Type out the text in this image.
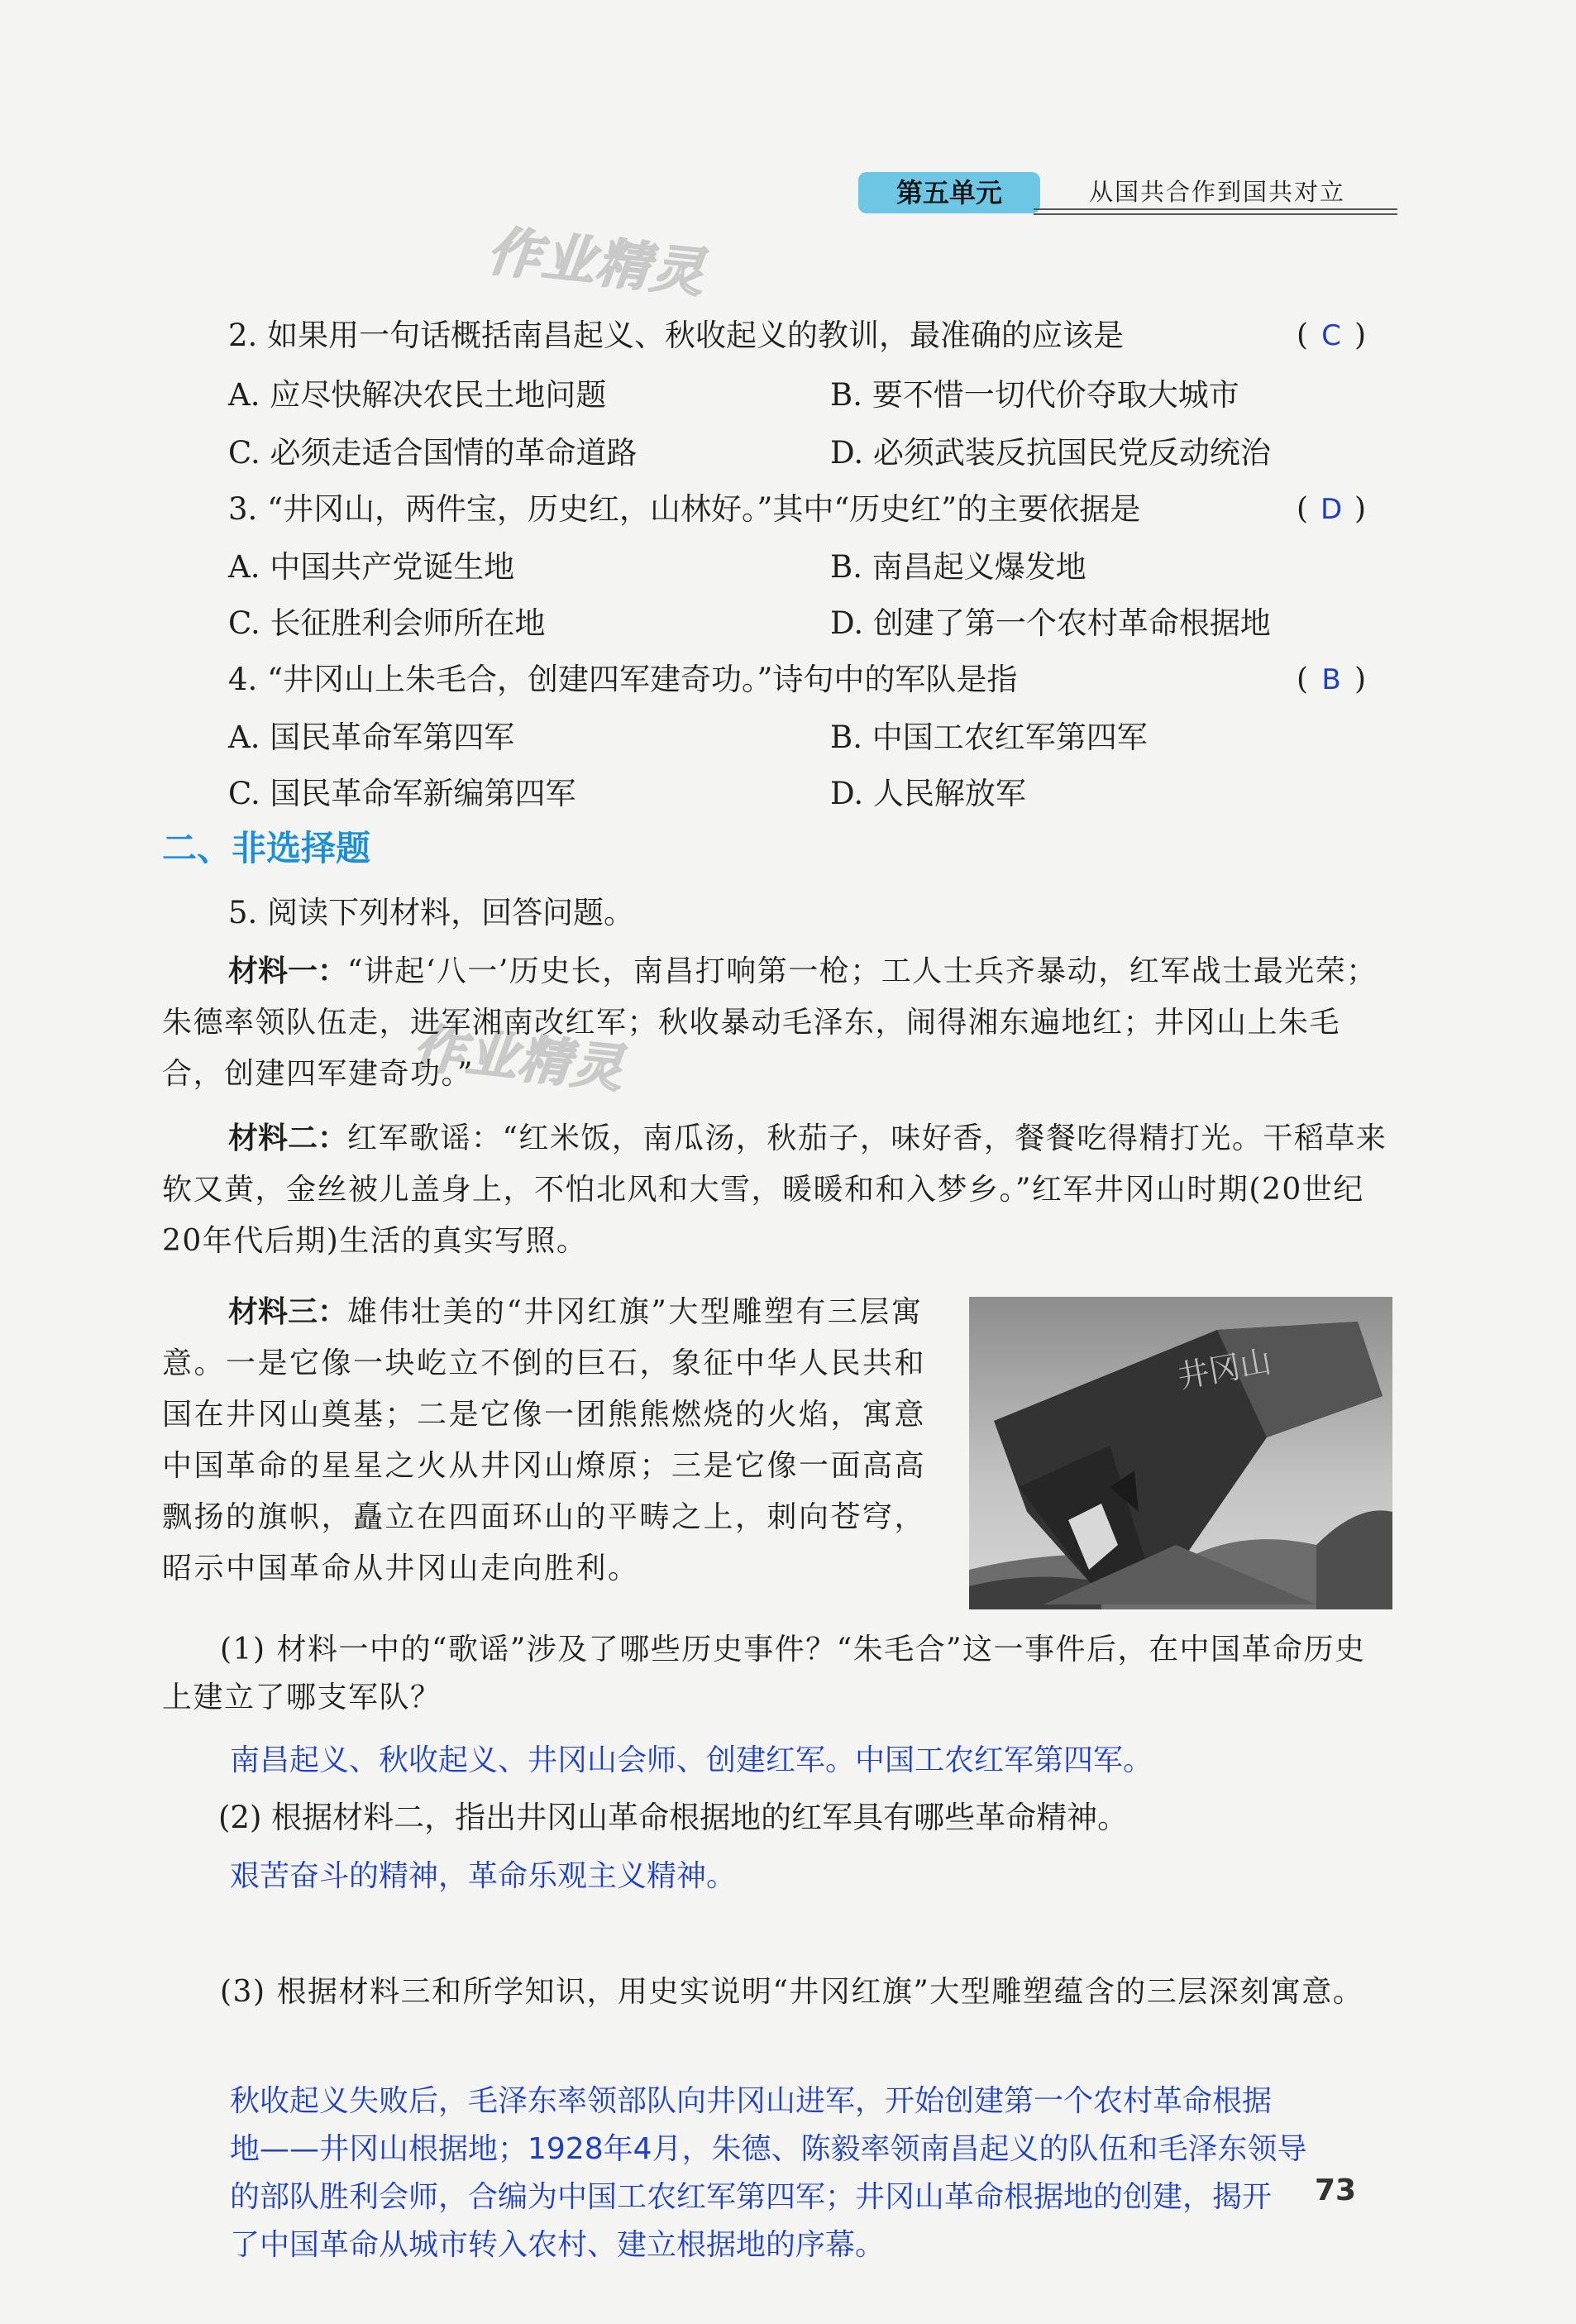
第五单元	从国共合作到国共对立
作业精灵
作业精灵
2. 如果用一句话概括南昌起义、秋收起义的教训，最准确的应该是	( C )
A. 应尽快解决农民土地问题	B. 要不惜一切代价夺取大城市
C. 必须走适合国情的革命道路	D. 必须武装反抗国民党反动统治
3. “井冈山，两件宝，历史红，山林好。”其中“历史红”的主要依据是	( D )
A. 中国共产党诞生地	B. 南昌起义爆发地
C. 长征胜利会师所在地	D. 创建了第一个农村革命根据地
4. “井冈山上朱毛合，创建四军建奇功。”诗句中的军队是指	( B )
A. 国民革命军第四军	B. 中国工农红军第四军
C. 国民革命军新编第四军	D. 人民解放军
二、非选择题
5. 阅读下列材料，回答问题。
材料一：“讲起‘八一’历史长，南昌打响第一枪；工人士兵齐暴动，红军战士最光荣；朱德率领队伍走，进军湘南改红军；秋收暴动毛泽东，闹得湘东遍地红；井冈山上朱毛合，创建四军建奇功。”
材料二：红军歌谣：“红米饭，南瓜汤，秋茄子，味好香，餐餐吃得精打光。干稻草来软又黄，金丝被儿盖身上，不怕北风和大雪，暖暖和和入梦乡。”红军井冈山时期(20世纪20年代后期)生活的真实写照。
材料三：雄伟壮美的“井冈红旗”大型雕塑有三层寓意。一是它像一块屹立不倒的巨石，象征中华人民共和国在井冈山奠基；二是它像一团熊熊燃烧的火焰，寓意中国革命的星星之火从井冈山燎原；三是它像一面高高飘扬的旗帜，矗立在四面环山的平畴之上，刺向苍穹，昭示中国革命从井冈山走向胜利。
井冈山
(1) 材料一中的“歌谣”涉及了哪些历史事件？“朱毛合”这一事件后，在中国革命历史上建立了哪支军队？
南昌起义、秋收起义、井冈山会师、创建红军。中国工农红军第四军。
(2) 根据材料二，指出井冈山革命根据地的红军具有哪些革命精神。
艰苦奋斗的精神，革命乐观主义精神。
(3) 根据材料三和所学知识，用史实说明“井冈红旗”大型雕塑蕴含的三层深刻寓意。
秋收起义失败后，毛泽东率领部队向井冈山进军，开始创建第一个农村革命根据
地——井冈山根据地；1928年4月，朱德、陈毅率领南昌起义的队伍和毛泽东领导
的部队胜利会师，合编为中国工农红军第四军；井冈山革命根据地的创建，揭开
了中国革命从城市转入农村、建立根据地的序幕。
73
